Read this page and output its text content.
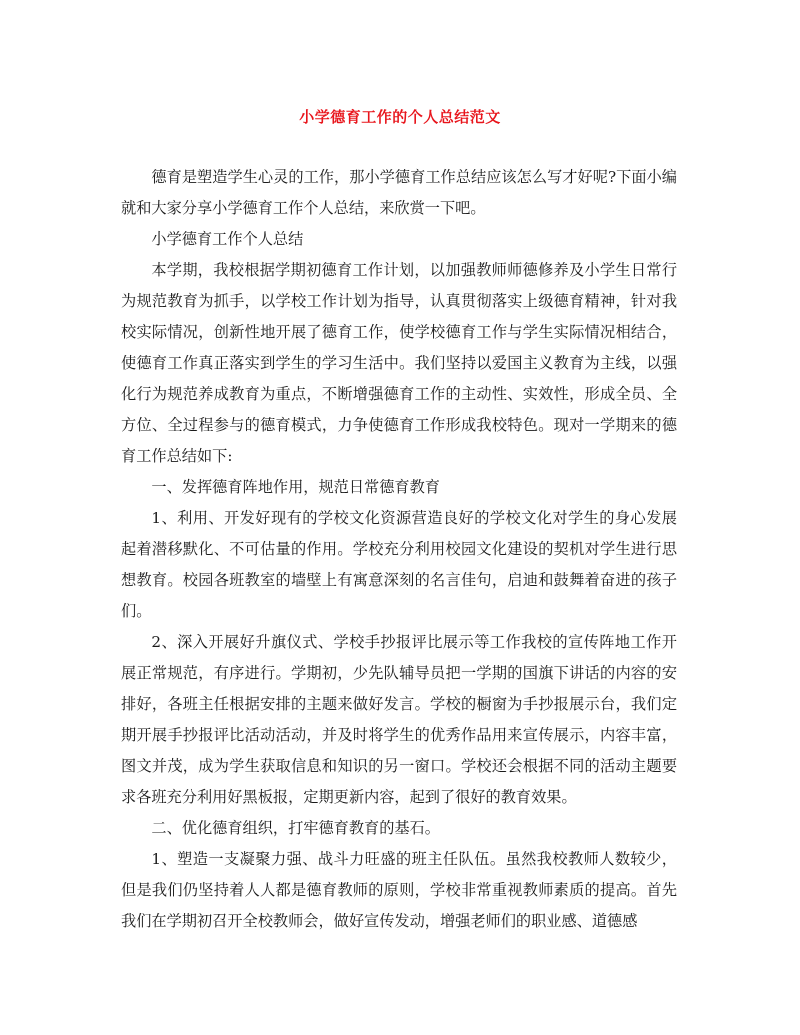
小学德育工作的个人总结范文

德育是塑造学生心灵的工作，那小学德育工作总结应该怎么写才好呢?下面小编就和大家分享小学德育工作个人总结，来欣赏一下吧。

小学德育工作个人总结

本学期，我校根据学期初德育工作计划，以加强教师师德修养及小学生日常行为规范教育为抓手，以学校工作计划为指导，认真贯彻落实上级德育精神，针对我校实际情况，创新性地开展了德育工作，使学校德育工作与学生实际情况相结合，使德育工作真正落实到学生的学习生活中。我们坚持以爱国主义教育为主线，以强化行为规范养成教育为重点，不断增强德育工作的主动性、实效性，形成全员、全方位、全过程参与的德育模式，力争使德育工作形成我校特色。现对一学期来的德育工作总结如下:

一、发挥德育阵地作用，规范日常德育教育

1、利用、开发好现有的学校文化资源营造良好的学校文化对学生的身心发展起着潜移默化、不可估量的作用。学校充分利用校园文化建设的契机对学生进行思想教育。校园各班教室的墙壁上有寓意深刻的名言佳句，启迪和鼓舞着奋进的孩子们。

2、深入开展好升旗仪式、学校手抄报评比展示等工作我校的宣传阵地工作开展正常规范，有序进行。学期初，少先队辅导员把一学期的国旗下讲话的内容的安排好，各班主任根据安排的主题来做好发言。学校的橱窗为手抄报展示台，我们定期开展手抄报评比活动活动，并及时将学生的优秀作品用来宣传展示，内容丰富，图文并茂，成为学生获取信息和知识的另一窗口。学校还会根据不同的活动主题要求各班充分利用好黑板报，定期更新内容，起到了很好的教育效果。

二、优化德育组织，打牢德育教育的基石。

1、塑造一支凝聚力强、战斗力旺盛的班主任队伍。虽然我校教师人数较少，但是我们仍坚持着人人都是德育教师的原则，学校非常重视教师素质的提高。首先我们在学期初召开全校教师会，做好宣传发动，增强老师们的职业感、道德感
